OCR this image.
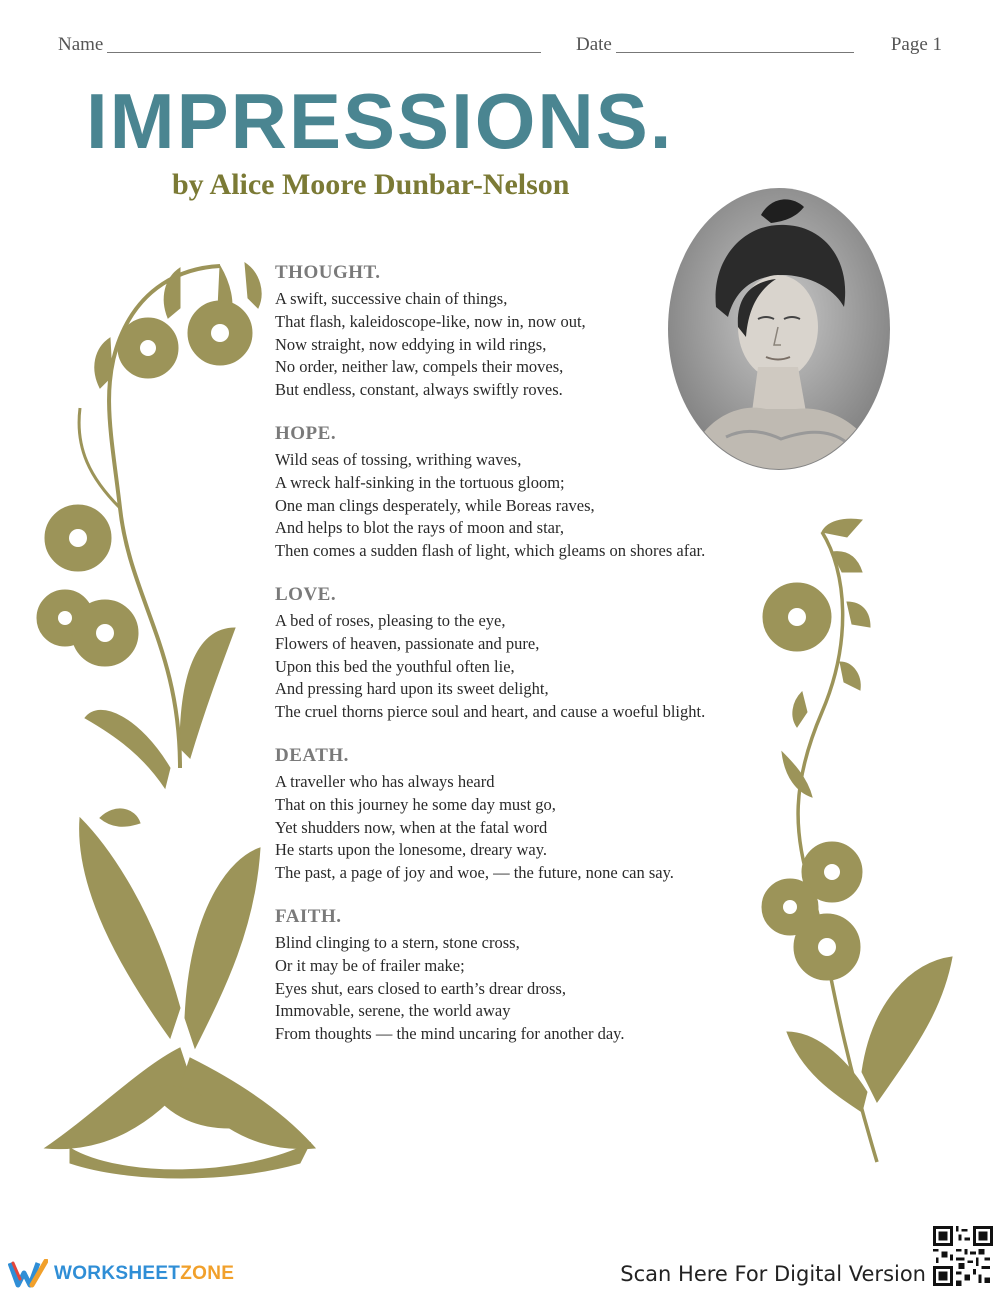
Name	Date	Page 1
IMPRESSIONS.
by Alice Moore Dunbar-Nelson
THOUGHT.
A swift, successive chain of things,
That flash, kaleidoscope-like, now in, now out,
Now straight, now eddying in wild rings,
No order, neither law, compels their moves,
But endless, constant, always swiftly roves.
HOPE.
Wild seas of tossing, writhing waves,
A wreck half-sinking in the tortuous gloom;
One man clings desperately, while Boreas raves,
And helps to blot the rays of moon and star,
Then comes a sudden flash of light, which gleams on shores afar.
LOVE.
A bed of roses, pleasing to the eye,
Flowers of heaven, passionate and pure,
Upon this bed the youthful often lie,
And pressing hard upon its sweet delight,
The cruel thorns pierce soul and heart, and cause a woeful blight.
DEATH.
A traveller who has always heard
That on this journey he some day must go,
Yet shudders now, when at the fatal word
He starts upon the lonesome, dreary way.
The past, a page of joy and woe, — the future, none can say.
FAITH.
Blind clinging to a stern, stone cross,
Or it may be of frailer make;
Eyes shut, ears closed to earth’s drear dross,
Immovable, serene, the world away
From thoughts — the mind uncaring for another day.
WORKSHEETZONE	Scan Here For Digital Version
